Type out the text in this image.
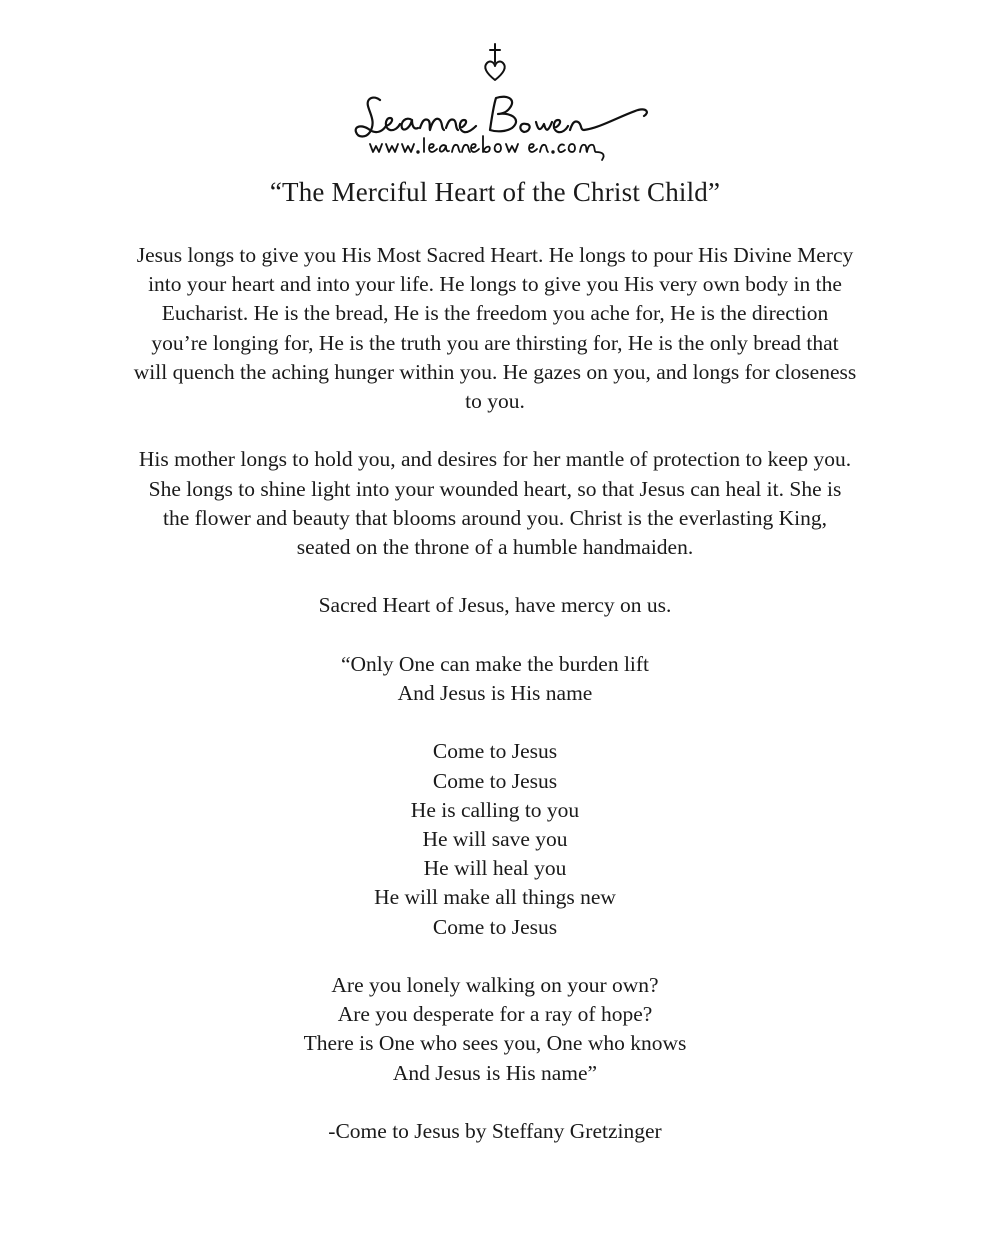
“The Merciful Heart of the Christ Child”

Jesus longs to give you His Most Sacred Heart. He longs to pour His Divine Mercy
into your heart and into your life. He longs to give you His very own body in the
Eucharist. He is the bread, He is the freedom you ache for, He is the direction
you’re longing for, He is the truth you are thirsting for, He is the only bread that
will quench the aching hunger within you. He gazes on you, and longs for closeness
to you.

His mother longs to hold you, and desires for her mantle of protection to keep you.
She longs to shine light into your wounded heart, so that Jesus can heal it. She is
the flower and beauty that blooms around you. Christ is the everlasting King,
seated on the throne of a humble handmaiden.

Sacred Heart of Jesus, have mercy on us.

“Only One can make the burden lift
And Jesus is His name

Come to Jesus
Come to Jesus
He is calling to you
He will save you
He will heal you
He will make all things new
Come to Jesus

Are you lonely walking on your own?
Are you desperate for a ray of hope?
There is One who sees you, One who knows
And Jesus is His name”

-Come to Jesus by Steffany Gretzinger
